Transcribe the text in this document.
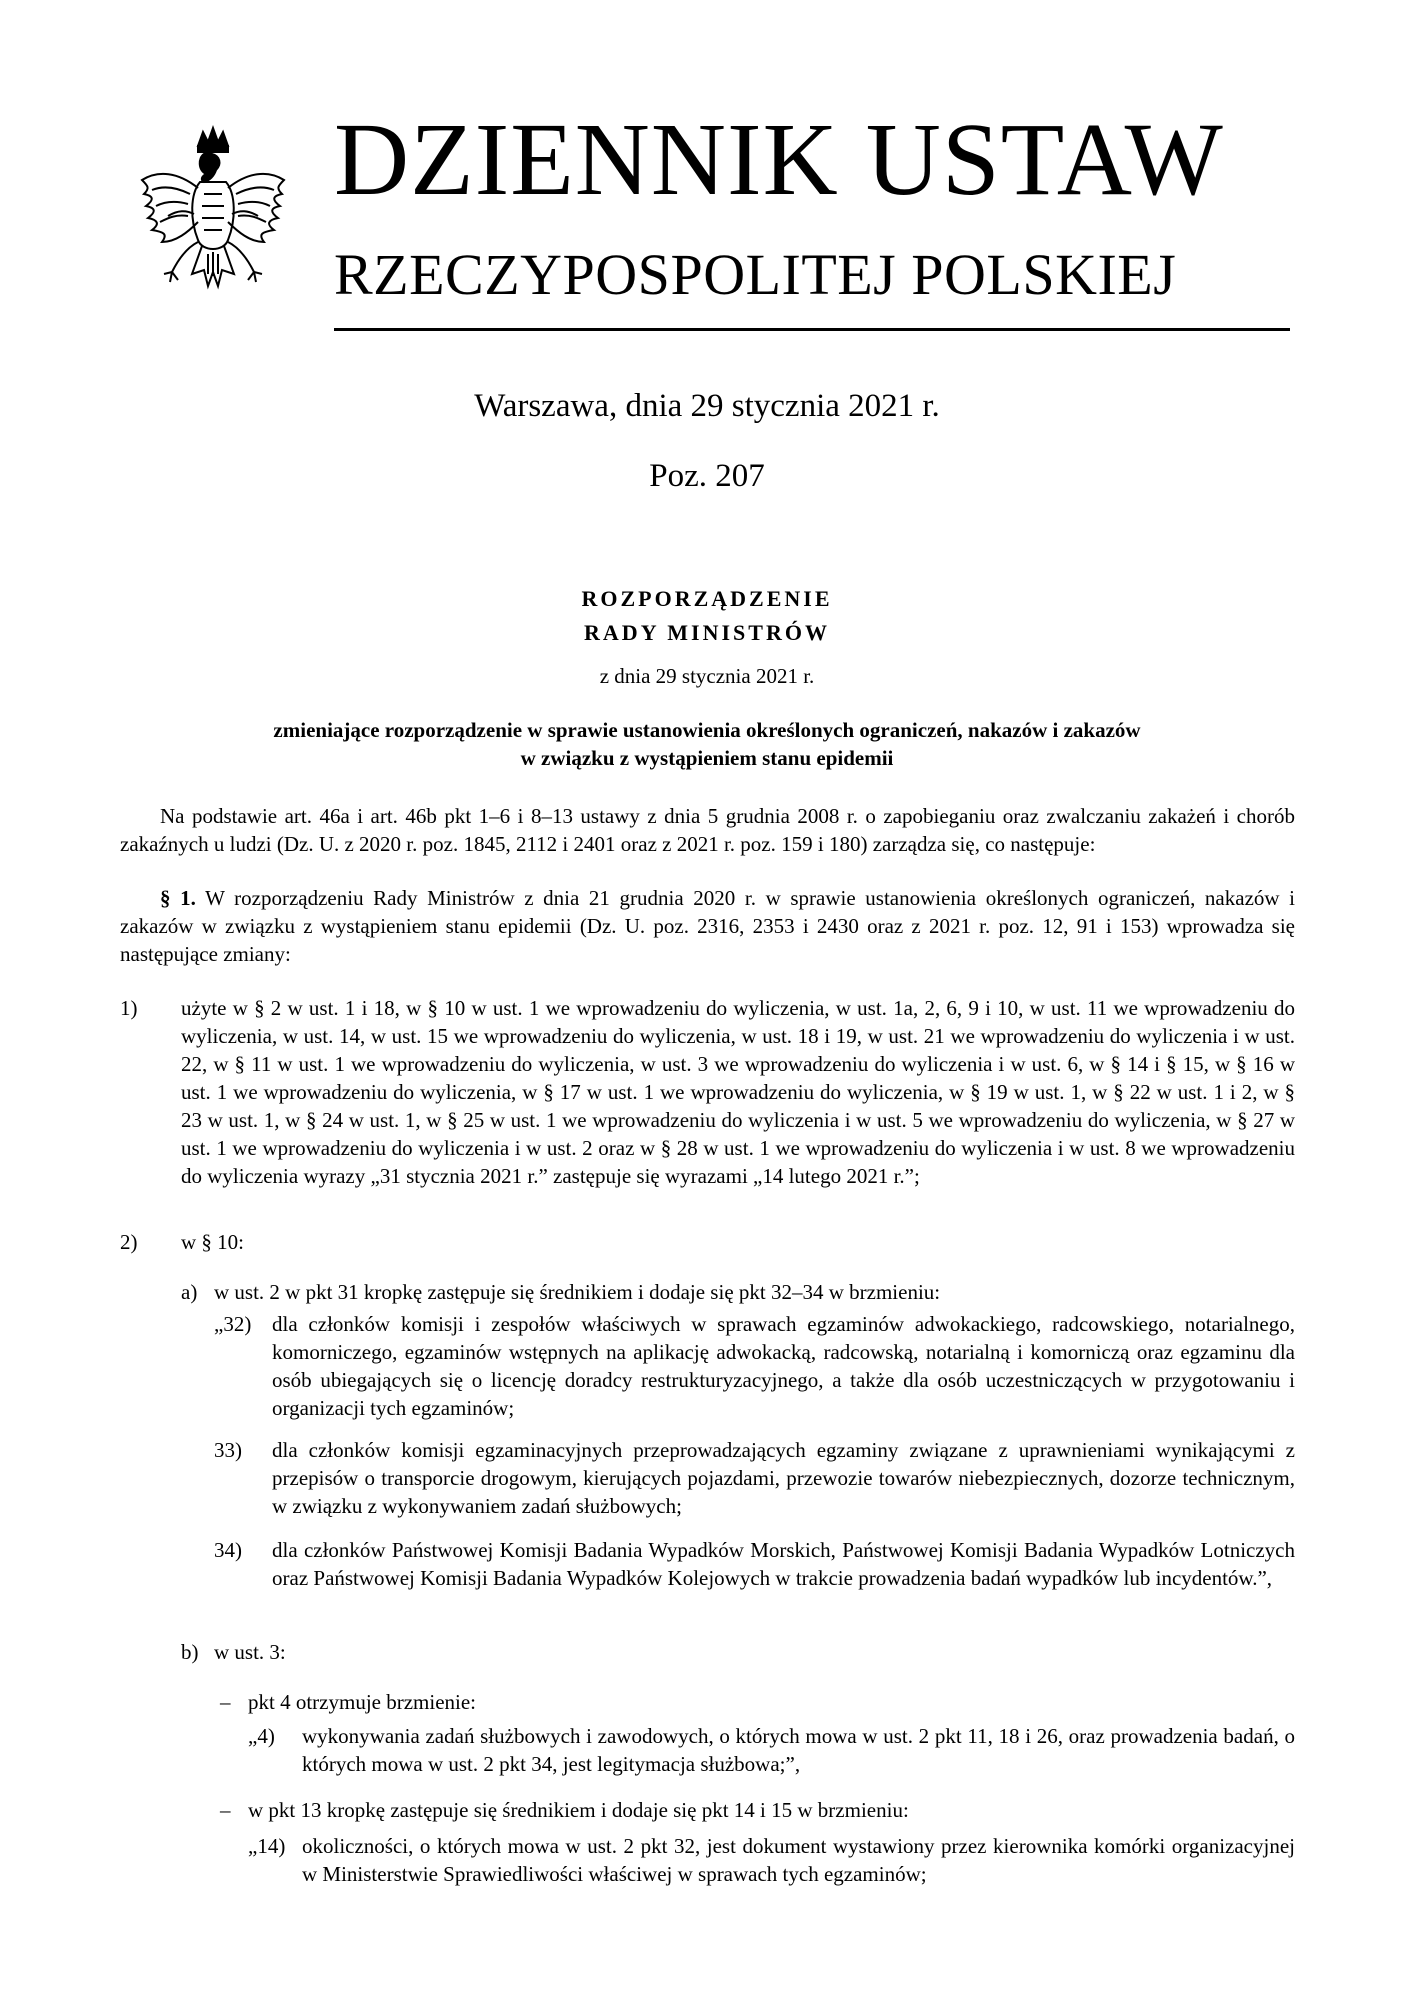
DZIENNIK USTAW
RZECZYPOSPOLITEJ POLSKIEJ
Warszawa, dnia 29 stycznia 2021 r.
Poz. 207
ROZPORZĄDZENIE
RADY MINISTRÓW
z dnia 29 stycznia 2021 r.
zmieniające rozporządzenie w sprawie ustanowienia określonych ograniczeń, nakazów i zakazów
w związku z wystąpieniem stanu epidemii
Na podstawie art. 46a i art. 46b pkt 1–6 i 8–13 ustawy z dnia 5 grudnia 2008 r. o zapobieganiu oraz zwalczaniu zakażeń i chorób zakaźnych u ludzi (Dz. U. z 2020 r. poz. 1845, 2112 i 2401 oraz z 2021 r. poz. 159 i 180) zarządza się, co następuje:
§ 1. W rozporządzeniu Rady Ministrów z dnia 21 grudnia 2020 r. w sprawie ustanowienia określonych ograniczeń, nakazów i zakazów w związku z wystąpieniem stanu epidemii (Dz. U. poz. 2316, 2353 i 2430 oraz z 2021 r. poz. 12, 91 i 153) wprowadza się następujące zmiany:
1) użyte w § 2 w ust. 1 i 18, w § 10 w ust. 1 we wprowadzeniu do wyliczenia, w ust. 1a, 2, 6, 9 i 10, w ust. 11 we wprowadzeniu do wyliczenia, w ust. 14, w ust. 15 we wprowadzeniu do wyliczenia, w ust. 18 i 19, w ust. 21 we wprowadzeniu do wyliczenia i w ust. 22, w § 11 w ust. 1 we wprowadzeniu do wyliczenia, w ust. 3 we wprowadzeniu do wyliczenia i w ust. 6, w § 14 i § 15, w § 16 w ust. 1 we wprowadzeniu do wyliczenia, w § 17 w ust. 1 we wprowadzeniu do wyliczenia, w § 19 w ust. 1, w § 22 w ust. 1 i 2, w § 23 w ust. 1, w § 24 w ust. 1, w § 25 w ust. 1 we wprowadzeniu do wyliczenia i w ust. 5 we wprowadzeniu do wyliczenia, w § 27 w ust. 1 we wprowadzeniu do wyliczenia i w ust. 2 oraz w § 28 w ust. 1 we wprowadzeniu do wyliczenia i w ust. 8 we wprowadzeniu do wyliczenia wyrazy „31 stycznia 2021 r.” zastępuje się wyrazami „14 lutego 2021 r.”;
2) w § 10:
a) w ust. 2 w pkt 31 kropkę zastępuje się średnikiem i dodaje się pkt 32–34 w brzmieniu:
„32) dla członków komisji i zespołów właściwych w sprawach egzaminów adwokackiego, radcowskiego, notarialnego, komorniczego, egzaminów wstępnych na aplikację adwokacką, radcowską, notarialną i komorniczą oraz egzaminu dla osób ubiegających się o licencję doradcy restrukturyzacyjnego, a także dla osób uczestniczących w przygotowaniu i organizacji tych egzaminów;
33) dla członków komisji egzaminacyjnych przeprowadzających egzaminy związane z uprawnieniami wynikającymi z przepisów o transporcie drogowym, kierujących pojazdami, przewozie towarów niebezpiecznych, dozorze technicznym, w związku z wykonywaniem zadań służbowych;
34) dla członków Państwowej Komisji Badania Wypadków Morskich, Państwowej Komisji Badania Wypadków Lotniczych oraz Państwowej Komisji Badania Wypadków Kolejowych w trakcie prowadzenia badań wypadków lub incydentów.”,
b) w ust. 3:
– pkt 4 otrzymuje brzmienie:
„4) wykonywania zadań służbowych i zawodowych, o których mowa w ust. 2 pkt 11, 18 i 26, oraz prowadzenia badań, o których mowa w ust. 2 pkt 34, jest legitymacja służbowa;”,
– w pkt 13 kropkę zastępuje się średnikiem i dodaje się pkt 14 i 15 w brzmieniu:
„14) okoliczności, o których mowa w ust. 2 pkt 32, jest dokument wystawiony przez kierownika komórki organizacyjnej w Ministerstwie Sprawiedliwości właściwej w sprawach tych egzaminów;
